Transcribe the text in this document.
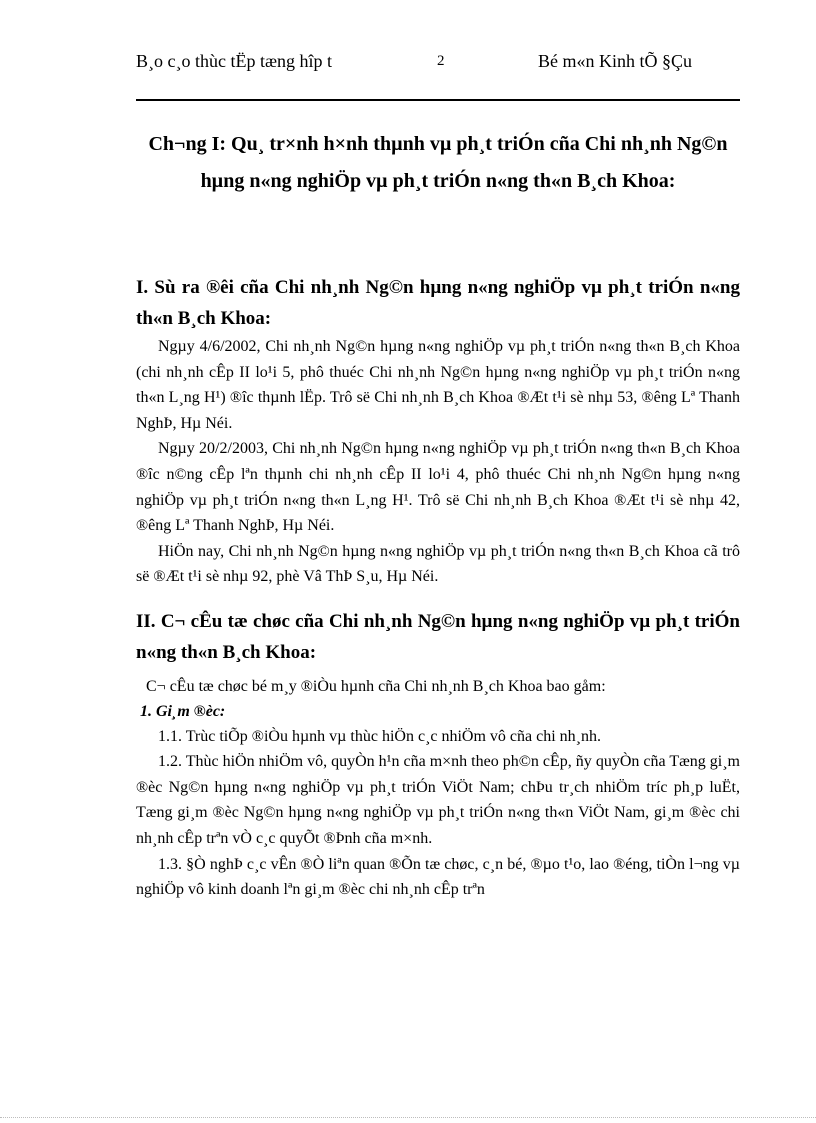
B¸o c¸o thùc tËp tæng hîp t	2	Bé m«n Kinh tÕ §Çu
Ch¬ng I: Qu¸ tr×nh h×nh thµnh vµ ph¸t triÓn cña Chi nh¸nh Ng©n hµng n«ng nghiÖp vµ ph¸t triÓn n«ng th«n B¸ch Khoa:
I. Sù ra ®êi cña Chi nh¸nh Ng©n hµng n«ng nghiÖp vµ ph¸t triÓn n«ng th«n B¸ch Khoa:

Ngµy 4/6/2002, Chi nh¸nh Ng©n hµng n«ng nghiÖp vµ ph¸t triÓn n«ng th«n B¸ch Khoa (chi nh¸nh cÊp II lo¹i 5, phô thuéc Chi nh¸nh Ng©n hµng n«ng nghiÖp vµ ph¸t triÓn n«ng th«n L¸ng H¹) ®îc thµnh lËp. Trô së Chi nh¸nh B¸ch Khoa ®Æt t¹i sè nhµ 53, ®êng Lª Thanh NghÞ, Hµ Néi.

Ngµy 20/2/2003, Chi nh¸nh Ng©n hµng n«ng nghiÖp vµ ph¸t triÓn n«ng th«n B¸ch Khoa ®îc n©ng cÊp lªn thµnh chi nh¸nh cÊp II lo¹i 4, phô thuéc Chi nh¸nh Ng©n hµng n«ng nghiÖp vµ ph¸t triÓn n«ng th«n L¸ng H¹. Trô së Chi nh¸nh B¸ch Khoa ®Æt t¹i sè nhµ 42, ®êng Lª Thanh NghÞ, Hµ Néi.

HiÖn nay, Chi nh¸nh Ng©n hµng n«ng nghiÖp vµ ph¸t triÓn n«ng th«n B¸ch Khoa cã trô së ®Æt t¹i sè nhµ 92, phè Vâ ThÞ S¸u, Hµ Néi.

II. C¬ cÊu tæ chøc cña Chi nh¸nh Ng©n hµng n«ng nghiÖp vµ ph¸t triÓn n«ng th«n B¸ch Khoa:

C¬ cÊu tæ chøc bé m¸y ®iÒu hµnh cña Chi nh¸nh B¸ch Khoa bao gåm:

1. Gi¸m ®èc:

1.1. Trùc tiÕp ®iÒu hµnh vµ thùc hiÖn c¸c nhiÖm vô cña chi nh¸nh.

1.2. Thùc hiÖn nhiÖm vô, quyÒn h¹n cña m×nh theo ph©n cÊp, ñy quyÒn cña Tæng gi¸m ®èc Ng©n hµng n«ng nghiÖp vµ ph¸t triÓn ViÖt Nam; chÞu tr¸ch nhiÖm tríc ph¸p luËt, Tæng gi¸m ®èc Ng©n hµng n«ng nghiÖp vµ ph¸t triÓn n«ng th«n ViÖt Nam, gi¸m ®èc chi nh¸nh cÊp trªn vÒ c¸c quyÕt ®Þnh cña m×nh.

1.3. §Ò nghÞ c¸c vÊn ®Ò liªn quan ®Õn tæ chøc, c¸n bé, ®µo t¹o, lao ®éng, tiÒn l¬ng vµ nghiÖp vô kinh doanh lªn gi¸m ®èc chi nh¸nh cÊp trªn
